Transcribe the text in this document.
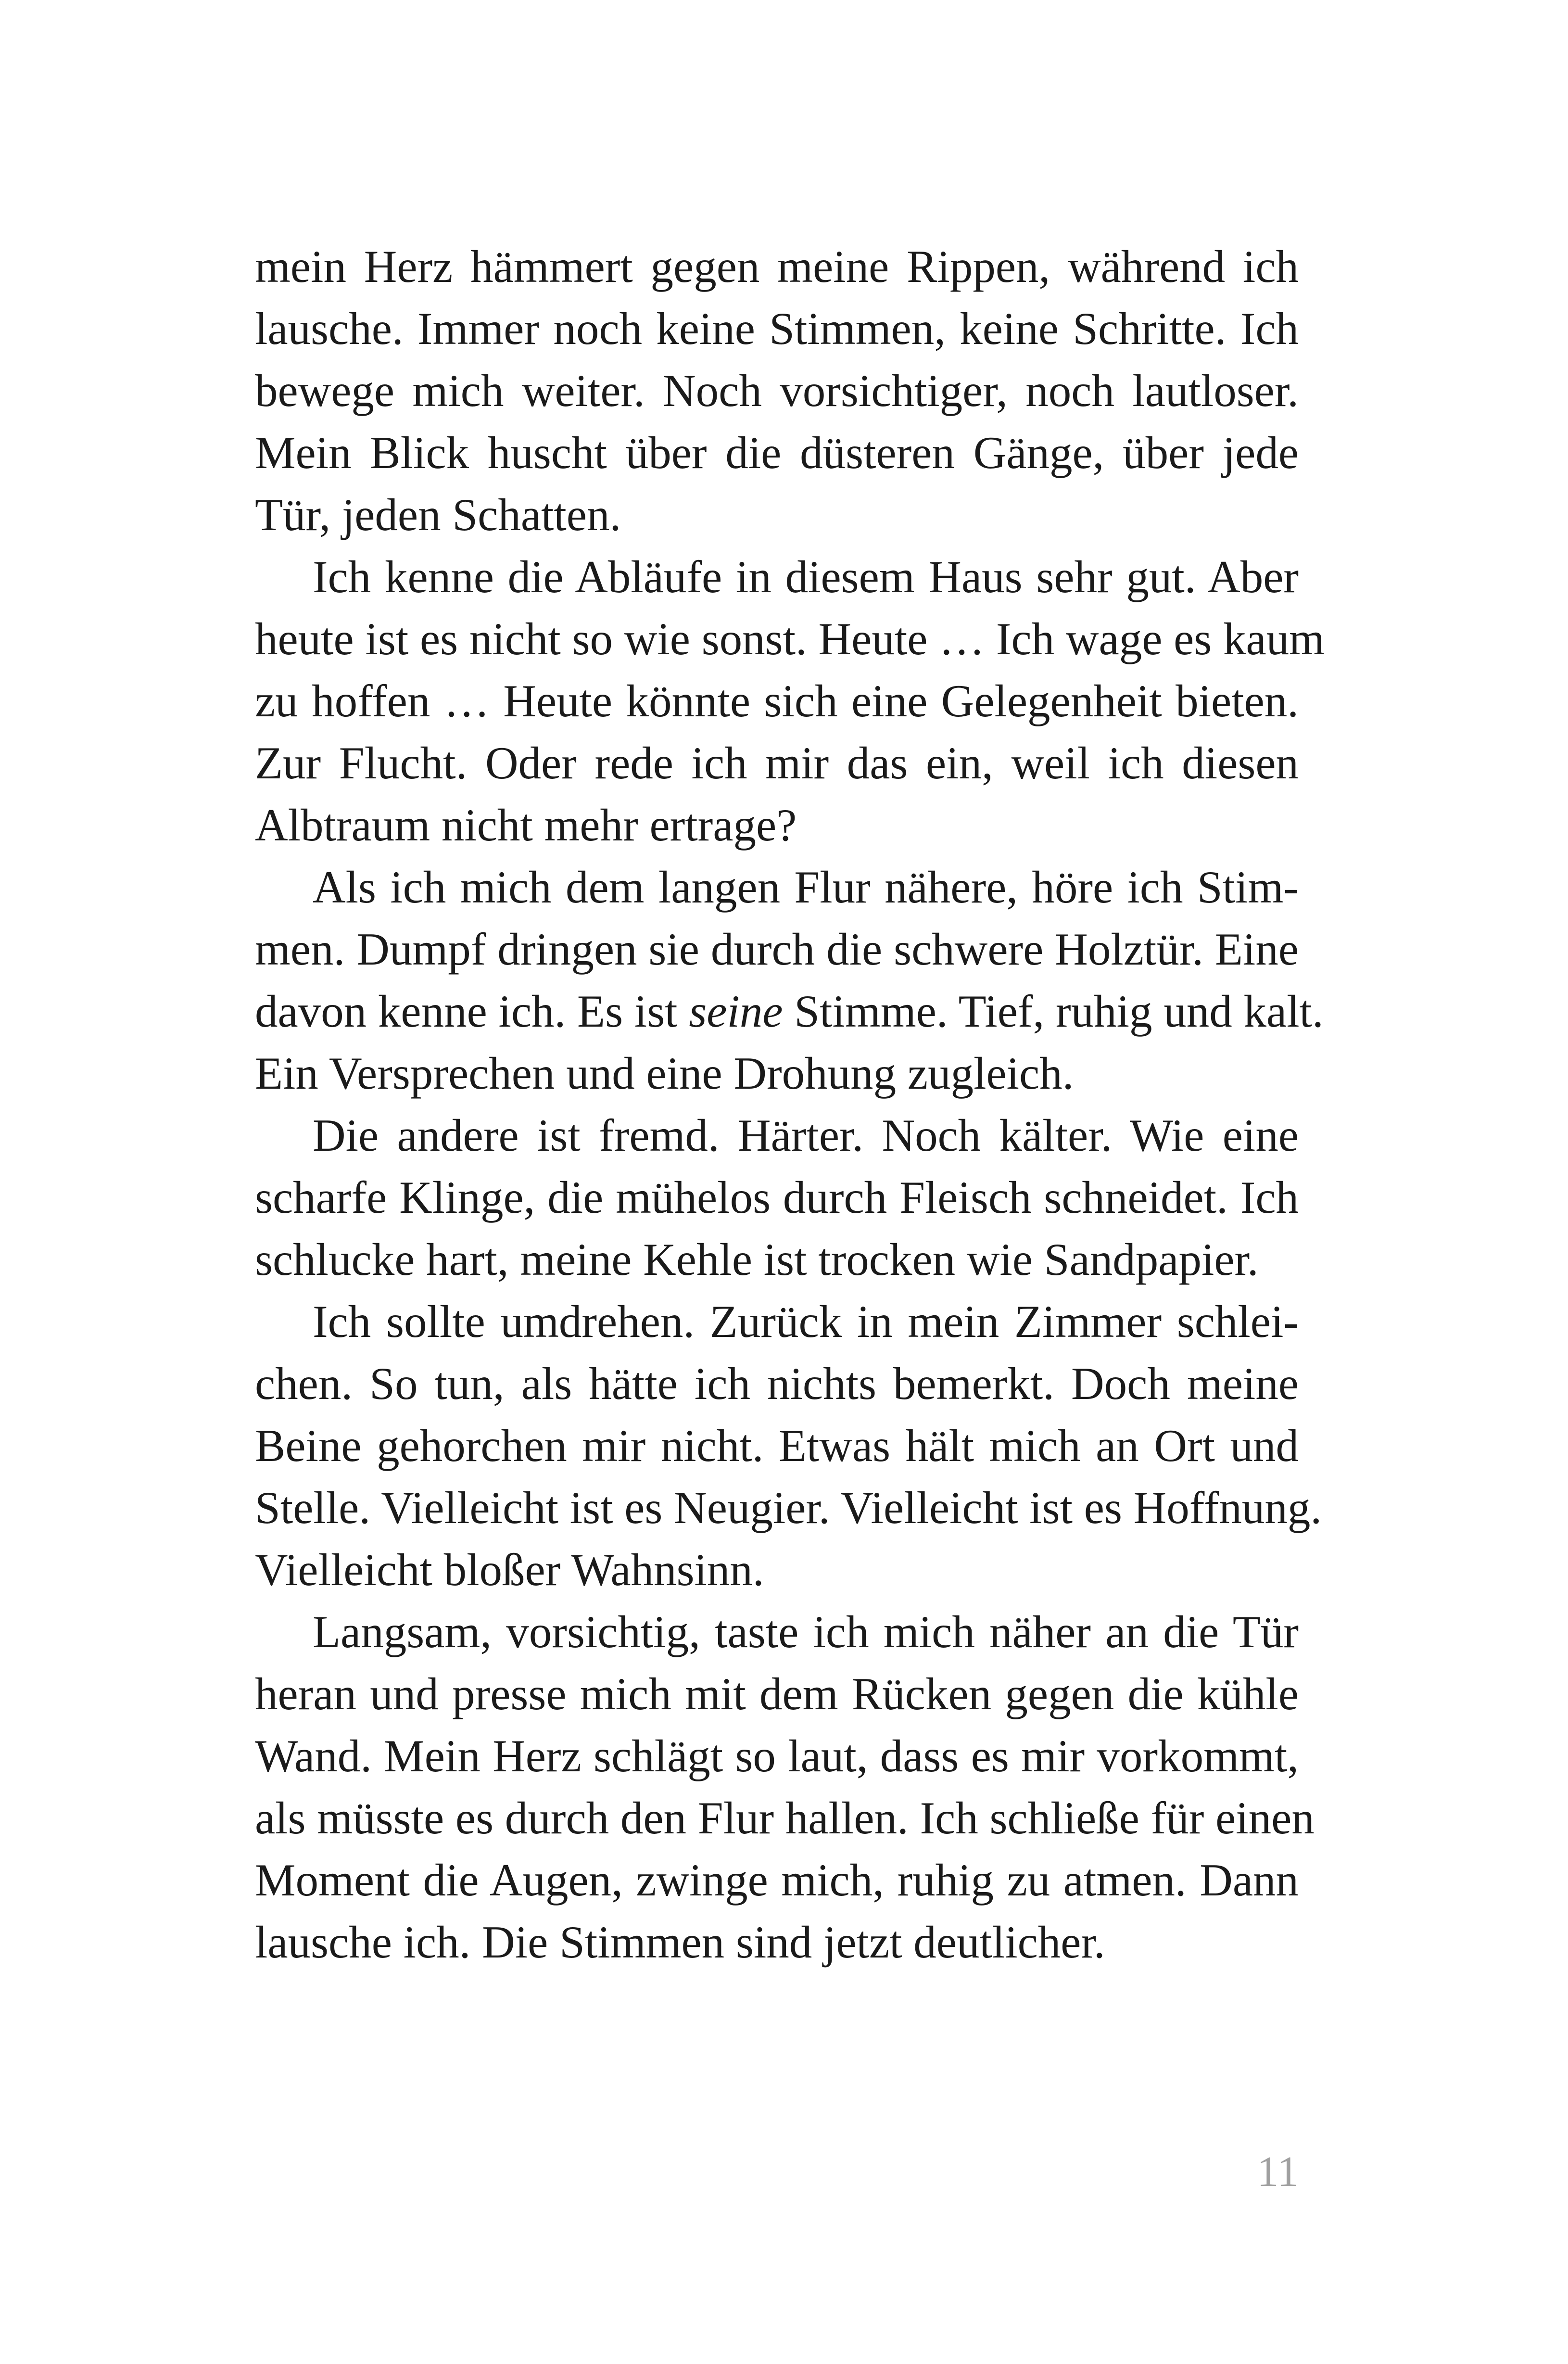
mein Herz hämmert gegen meine Rippen, während ich
lausche. Immer noch keine Stimmen, keine Schritte. Ich
bewege mich weiter. Noch vorsichtiger, noch lautloser.
Mein Blick huscht über die düsteren Gänge, über jede
Tür, jeden Schatten.
Ich kenne die Abläufe in diesem Haus sehr gut. Aber
heute ist es nicht so wie sonst. Heute … Ich wage es kaum
zu hoffen … Heute könnte sich eine Gelegenheit bieten.
Zur Flucht. Oder rede ich mir das ein, weil ich diesen
Albtraum nicht mehr ertrage?
Als ich mich dem langen Flur nähere, höre ich Stim-
men. Dumpf dringen sie durch die schwere Holztür. Eine
davon kenne ich. Es ist seine Stimme. Tief, ruhig und kalt.
Ein Versprechen und eine Drohung zugleich.
Die andere ist fremd. Härter. Noch kälter. Wie eine
scharfe Klinge, die mühelos durch Fleisch schneidet. Ich
schlucke hart, meine Kehle ist trocken wie Sandpapier.
Ich sollte umdrehen. Zurück in mein Zimmer schlei-
chen. So tun, als hätte ich nichts bemerkt. Doch meine
Beine gehorchen mir nicht. Etwas hält mich an Ort und
Stelle. Vielleicht ist es Neugier. Vielleicht ist es Hoffnung.
Vielleicht bloßer Wahnsinn.
Langsam, vorsichtig, taste ich mich näher an die Tür
heran und presse mich mit dem Rücken gegen die kühle
Wand. Mein Herz schlägt so laut, dass es mir vorkommt,
als müsste es durch den Flur hallen. Ich schließe für einen
Moment die Augen, zwinge mich, ruhig zu atmen. Dann
lausche ich. Die Stimmen sind jetzt deutlicher.
11
